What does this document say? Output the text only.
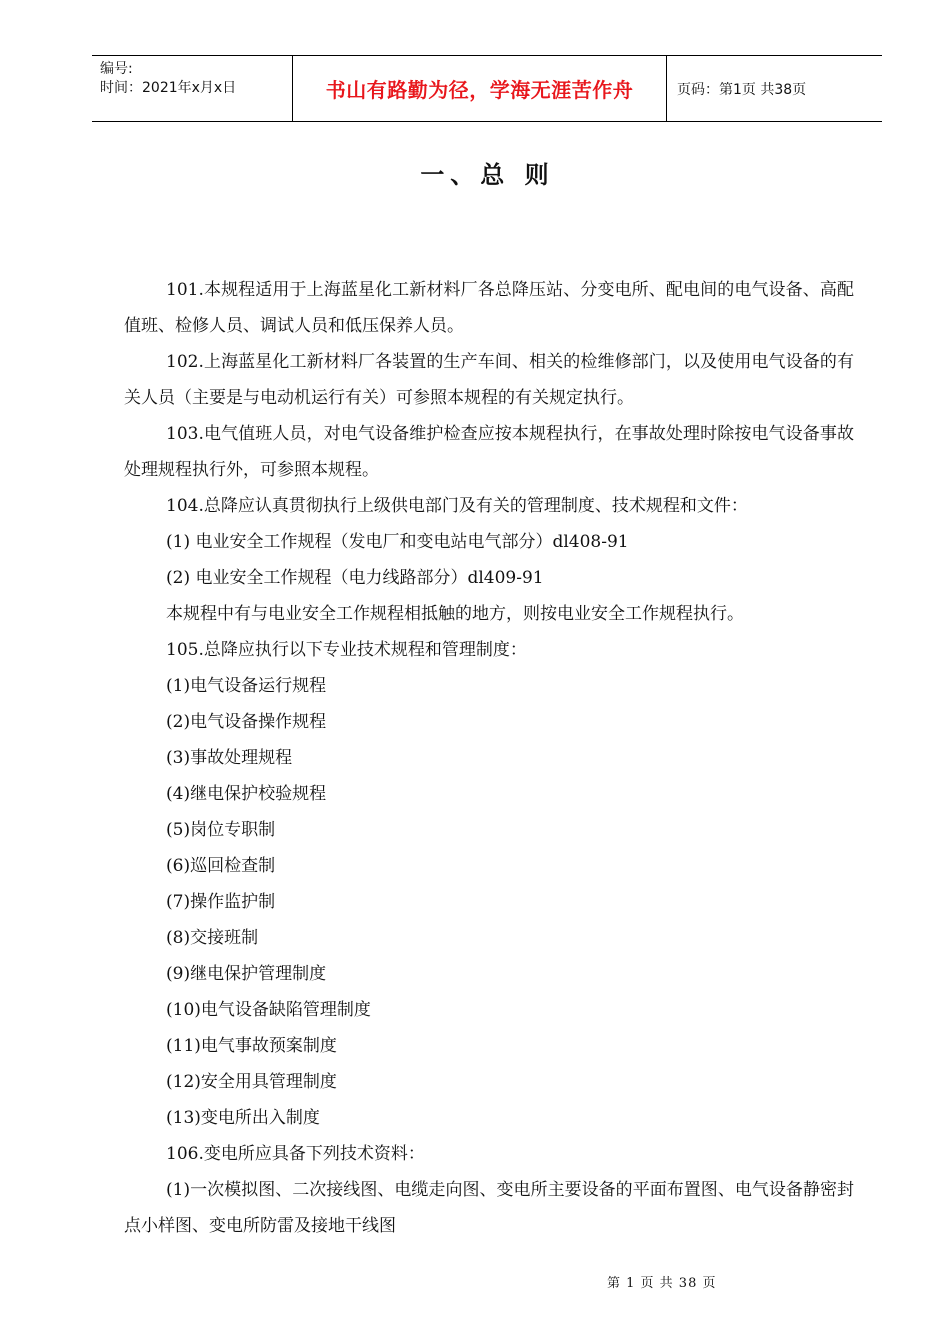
编号:
时间：2021年x月x日	书山有路勤为径，学海无涯苦作舟	页码：第1页 共38页
一、总 则

101.本规程适用于上海蓝星化工新材料厂各总降压站、分变电所、配电间的电气设备、高配值班、检修人员、调试人员和低压保养人员。

102.上海蓝星化工新材料厂各装置的生产车间、相关的检维修部门，以及使用电气设备的有关人员（主要是与电动机运行有关）可参照本规程的有关规定执行。

103.电气值班人员，对电气设备维护检查应按本规程执行，在事故处理时除按电气设备事故处理规程执行外，可参照本规程。

104.总降应认真贯彻执行上级供电部门及有关的管理制度、技术规程和文件：

(1) 电业安全工作规程（发电厂和变电站电气部分）dl408-91

(2) 电业安全工作规程（电力线路部分）dl409-91

本规程中有与电业安全工作规程相抵触的地方，则按电业安全工作规程执行。

105.总降应执行以下专业技术规程和管理制度：

(1)电气设备运行规程

(2)电气设备操作规程

(3)事故处理规程

(4)继电保护校验规程

(5)岗位专职制

(6)巡回检查制

(7)操作监护制

(8)交接班制

(9)继电保护管理制度

(10)电气设备缺陷管理制度

(11)电气事故预案制度

(12)安全用具管理制度

(13)变电所出入制度

106.变电所应具备下列技术资料：

(1)一次模拟图、二次接线图、电缆走向图、变电所主要设备的平面布置图、电气设备静密封点小样图、变电所防雷及接地干线图

第 1 页 共 38 页
